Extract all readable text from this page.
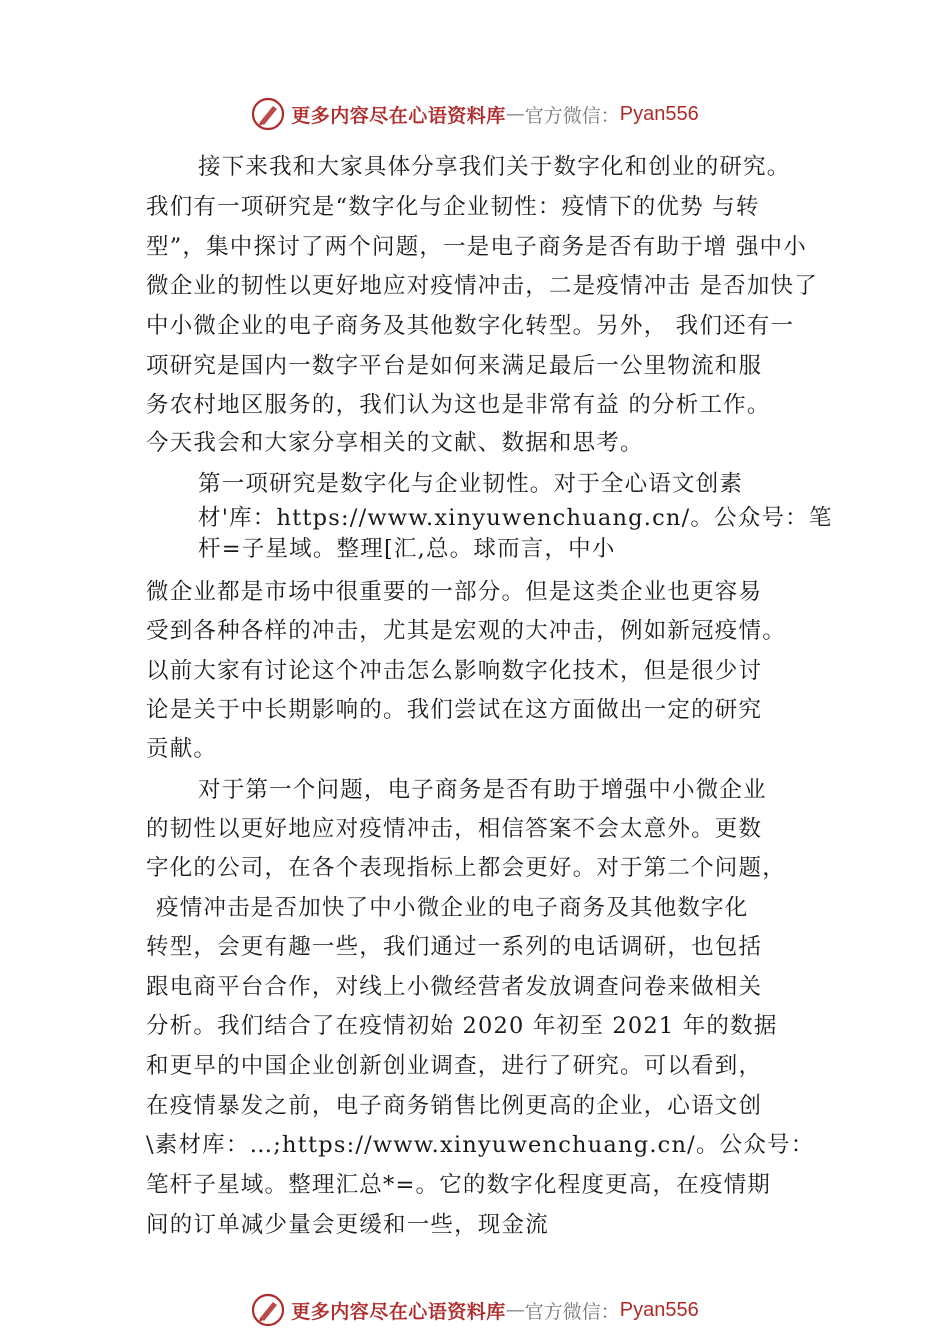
更多内容尽在心语资料库 — 官方微信： Pyan556
接下来我和大家具体分享我们关于数字化和创业的研究。
我们有一项研究是“数字化与企业韧性：疫情下的优势 与转
型”，集中探讨了两个问题，一是电子商务是否有助于增 强中小
微企业的韧性以更好地应对疫情冲击，二是疫情冲击 是否加快了
中小微企业的电子商务及其他数字化转型。另外， 我们还有一
项研究是国内一数字平台是如何来满足最后一公里物流和服
务农村地区服务的，我们认为这也是非常有益 的分析工作。
今天我会和大家分享相关的文献、数据和思考。
第一项研究是数字化与企业韧性。对于全心语文创素
材'库：https://www.xinyuwenchuang.cn/。公众号：笔
杆=子星域。整理[汇,总。球而言，中小
微企业都是市场中很重要的一部分。但是这类企业也更容易
受到各种各样的冲击，尤其是宏观的大冲击，例如新冠疫情。
以前大家有讨论这个冲击怎么影响数字化技术，但是很少讨
论是关于中长期影响的。我们尝试在这方面做出一定的研究
贡献。
对于第一个问题，电子商务是否有助于增强中小微企业
的韧性以更好地应对疫情冲击，相信答案不会太意外。更数
字化的公司，在各个表现指标上都会更好。对于第二个问题，
疫情冲击是否加快了中小微企业的电子商务及其他数字化
转型，会更有趣一些，我们通过一系列的电话调研，也包括
跟电商平台合作，对线上小微经营者发放调查问卷来做相关
分析。我们结合了在疫情初始 2020 年初至 2021 年的数据
和更早的中国企业创新创业调查，进行了研究。可以看到，
在疫情暴发之前，电子商务销售比例更高的企业，心语文创
\素材库：…;https://www.xinyuwenchuang.cn/。公众号：
笔杆子星域。整理汇总*=。它的数字化程度更高，在疫情期
间的订单减少量会更缓和一些，现金流
更多内容尽在心语资料库 — 官方微信： Pyan556
